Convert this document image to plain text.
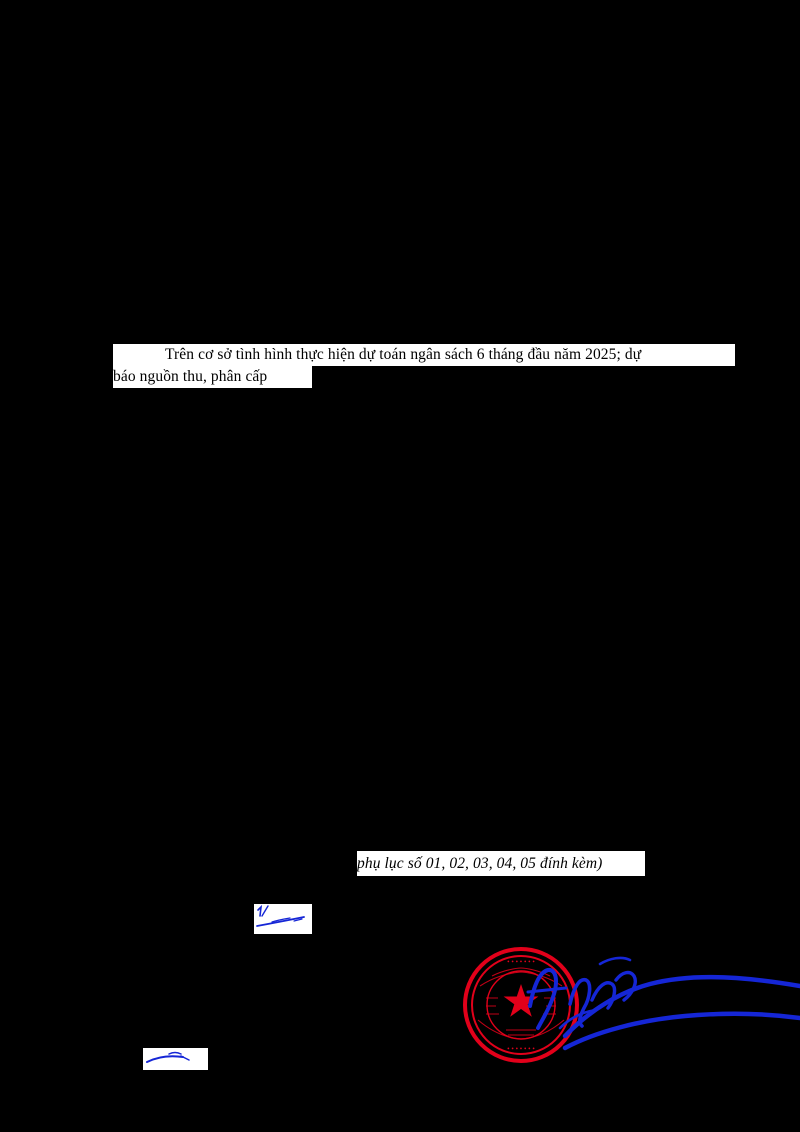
Trên cơ sở tình hình thực hiện dự toán ngân sách 6 tháng đầu năm 2025; dự
báo nguồn thu, phân cấp
phụ lục số 01, 02, 03, 04, 05 đính kèm)
• • • • • • •
• • • • • • •
